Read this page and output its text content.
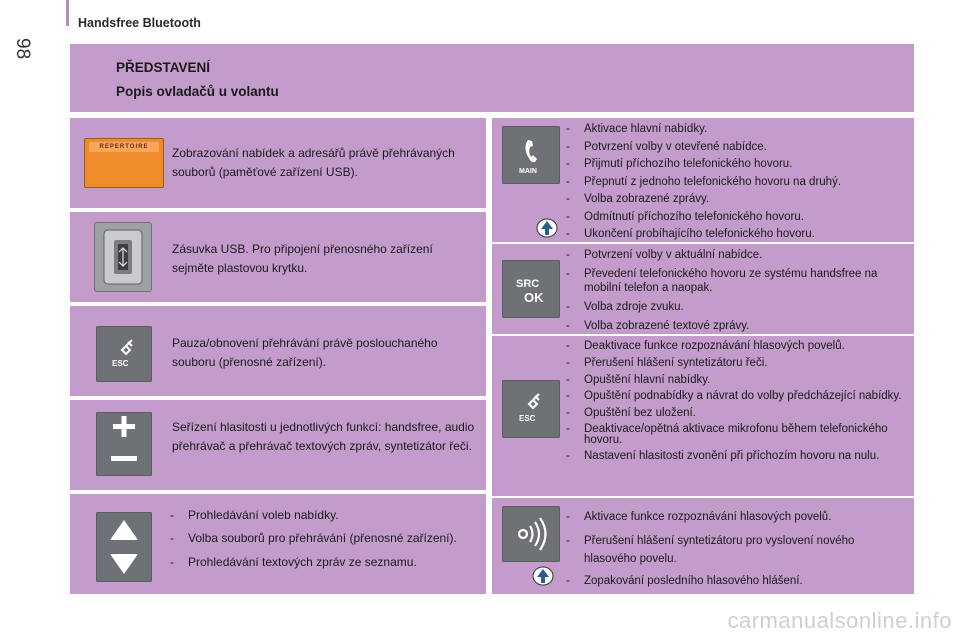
98
Handsfree Bluetooth
PŘEDSTAVENÍ
Popis ovladačů u volantu
REPERTOIRE	Zobrazování nabídek a adresářů právě přehrávaných souborů (paměťové zařízení USB).
Zásuvka USB. Pro připojení přenosného zařízení sejměte plastovou krytku.
ESC
Pauza/obnovení přehrávání právě poslouchaného souboru (přenosné zařízení).
Seřízení hlasitosti u jednotlivých funkcí: handsfree, audio přehrávač a přehrávač textových zpráv, syntetizátor řeči.
- Prohledávání voleb nabídky.
- Volba souborů pro přehrávání (přenosné zařízení).
- Prohledávání textových zpráv ze seznamu.
MAIN
- Aktivace hlavní nabídky.
- Potvrzení volby v otevřené nabídce.
- Přijmutí příchozího telefonického hovoru.
- Přepnutí z jednoho telefonického hovoru na druhý.
- Volba zobrazené zprávy.
- Odmítnutí příchozího telefonického hovoru.
- Ukončení probíhajícího telefonického hovoru.
SRC
OK
- Potvrzení volby v aktuální nabídce.
- Převedení telefonického hovoru ze systému handsfree na mobilní telefon a naopak.
- Volba zdroje zvuku.
- Volba zobrazené textové zprávy.
ESC
- Deaktivace funkce rozpoznávání hlasových povelů.
- Přerušení hlášení syntetizátoru řeči.
- Opuštění hlavní nabídky.
- Opuštění podnabídky a návrat do volby předcházející nabídky.
- Opuštění bez uložení.
- Deaktivace/opětná aktivace mikrofonu během telefonického hovoru.
- Nastavení hlasitosti zvonění při příchozím hovoru na nulu.
- Aktivace funkce rozpoznávání hlasových povelů.
- Přerušení hlášení syntetizátoru pro vyslovení nového hlasového povelu.
- Zopakování posledního hlasového hlášení.
carmanualsonline.info
